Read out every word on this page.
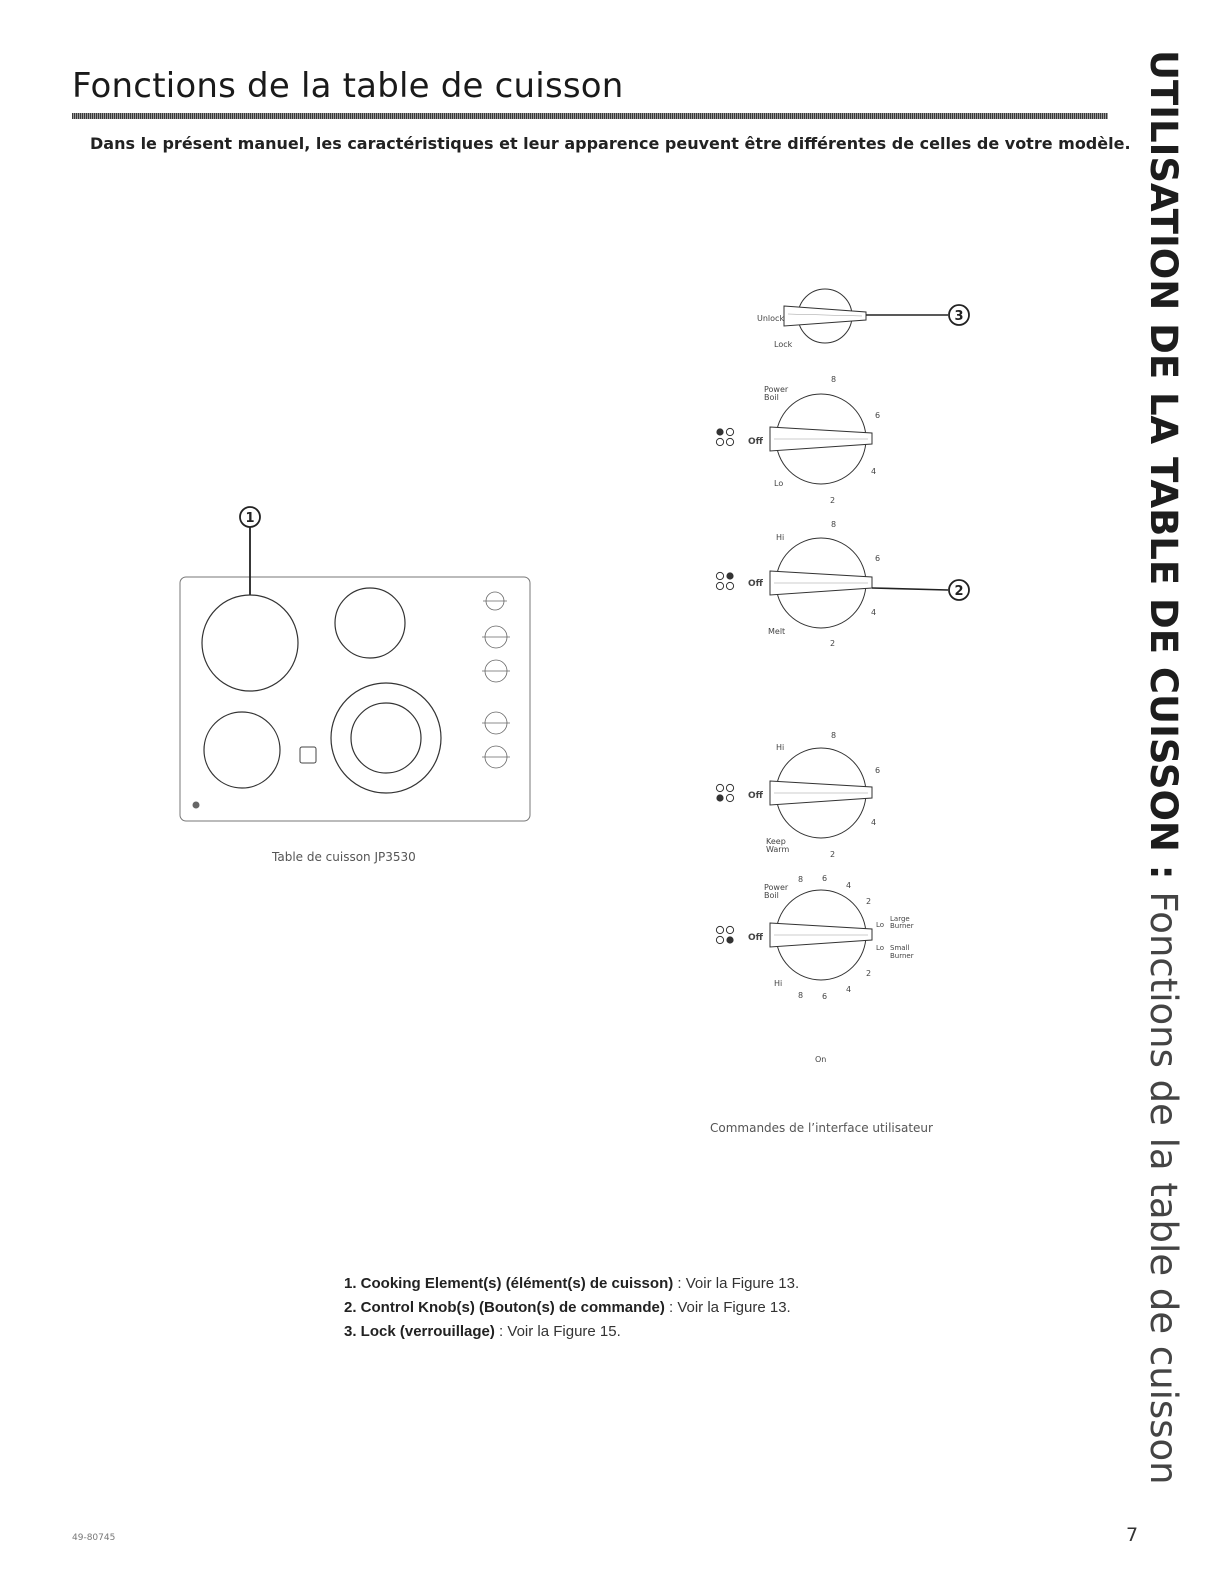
Fonctions de la table de cuisson

Dans le présent manuel, les caractéristiques et leur apparence peuvent être différentes de celles de votre modèle. UTILISATION DE LA TABLE DE CUISSON : Fonctions de la table de cuisson
1
Table de cuisson JP3530
Unlock
Lock
3
Off
Power
Boil
8
6
4
2
Lo
2
Off
Hi
8
6
4
Melt
2
Off
Hi
8
6
4
Keep
Warm
2
Off
Power
Boil
8 6
4
2
Lo
Large
Burner
Lo Small
Burner
2
4
6
8
Hi
On
Commandes de l’interface utilisateur
1. Cooking Element(s) (élément(s) de cuisson) : Voir la Figure 13.
2. Control Knob(s) (Bouton(s) de commande) : Voir la Figure 13.
3. Lock (verrouillage) : Voir la Figure 15.
49-80745	7
